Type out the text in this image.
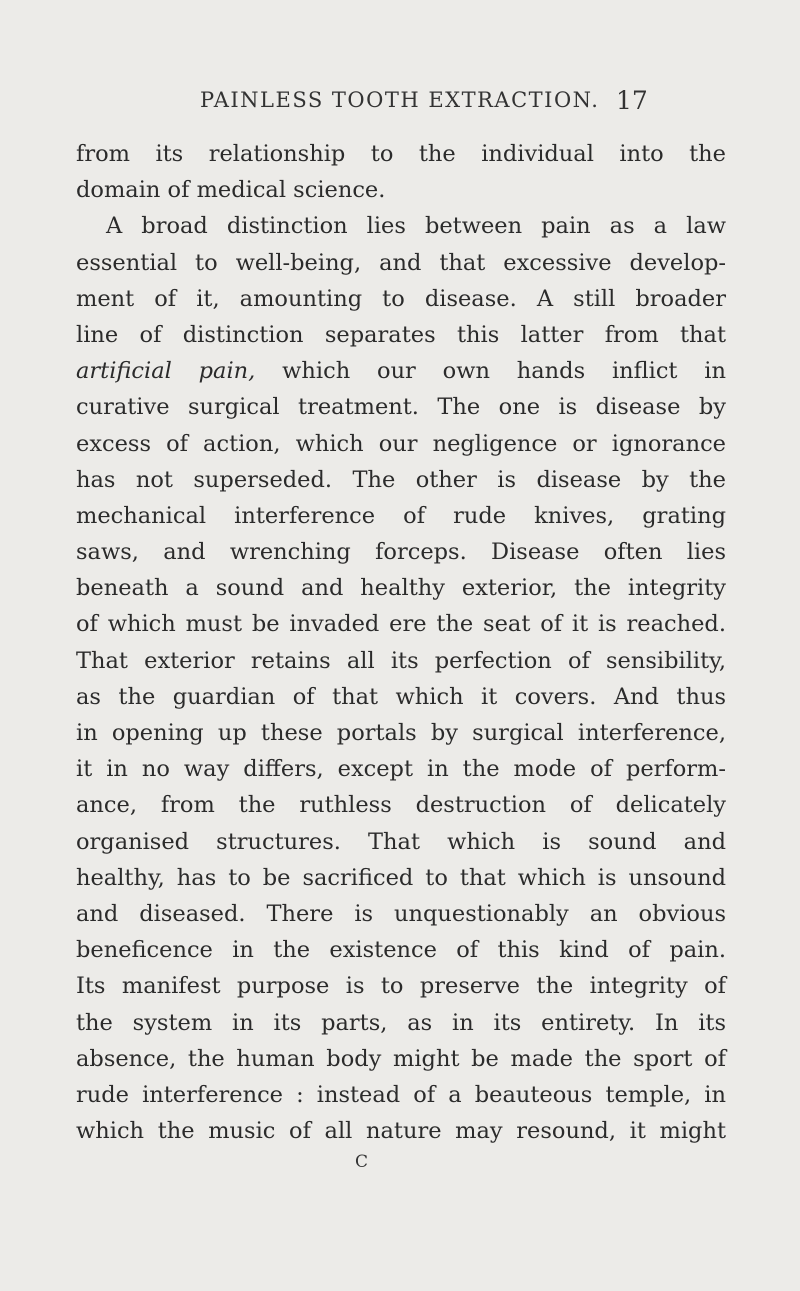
PAINLESS TOOTH EXTRACTION. 17
from its relationship to the individual into the
domain of medical science.
A broad distinction lies between pain as a law
essential to well-being, and that excessive develop-
ment of it, amounting to disease. A still broader
line of distinction separates this latter from that
artificial pain, which our own hands inflict in
curative surgical treatment. The one is disease by
excess of action, which our negligence or ignorance
has not superseded. The other is disease by the
mechanical interference of rude knives, grating
saws, and wrenching forceps. Disease often lies
beneath a sound and healthy exterior, the integrity
of which must be invaded ere the seat of it is reached.
That exterior retains all its perfection of sensibility,
as the guardian of that which it covers. And thus
in opening up these portals by surgical interference,
it in no way differs, except in the mode of perform-
ance, from the ruthless destruction of delicately
organised structures. That which is sound and
healthy, has to be sacrificed to that which is unsound
and diseased. There is unquestionably an obvious
beneficence in the existence of this kind of pain.
Its manifest purpose is to preserve the integrity of
the system in its parts, as in its entirety. In its
absence, the human body might be made the sport of
rude interference : instead of a beauteous temple, in
which the music of all nature may resound, it might
C
